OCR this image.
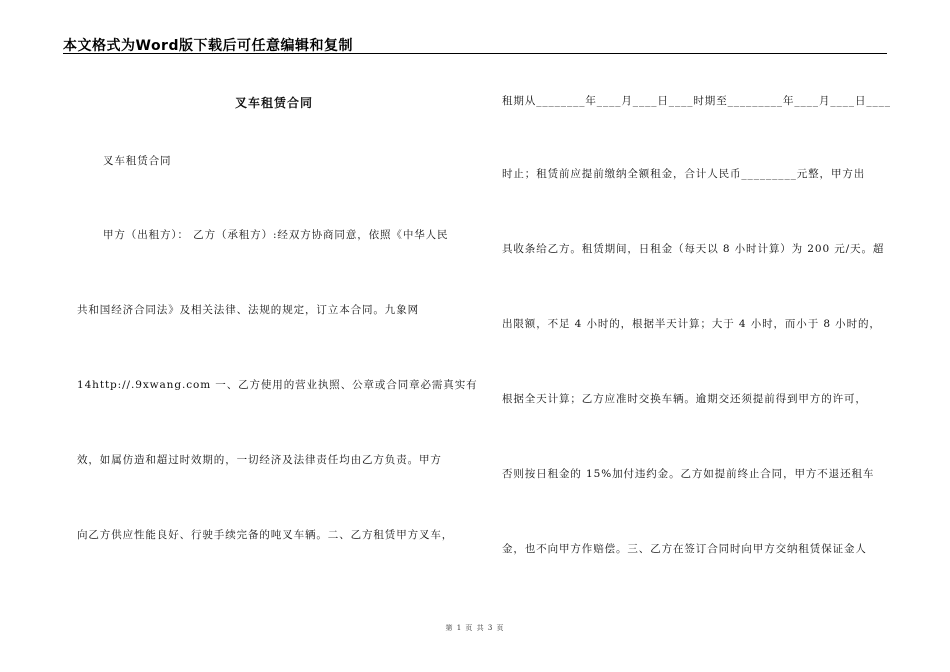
本文格式为Word版下载后可任意编辑和复制
叉车租赁合同
叉车租赁合同
甲方（出租方）： 乙方（承租方）:经双方协商同意，依照《中华人民
共和国经济合同法》及相关法律、法规的规定，订立本合同。九象网
14http://.9xwang.com 一、乙方使用的营业执照、公章或合同章必需真实有
效，如属仿造和超过时效期的，一切经济及法律责任均由乙方负责。甲方
向乙方供应性能良好、行驶手续完备的吨叉车辆。二、乙方租赁甲方叉车，
租期从________年____月____日____时期至_________年____月____日____
时止；租赁前应提前缴纳全额租金，合计人民币_________元整，甲方出
具收条给乙方。租赁期间，日租金（每天以 8 小时计算）为 200 元/天。超
出限额，不足 4 小时的，根据半天计算；大于 4 小时，而小于 8 小时的，
根据全天计算；乙方应准时交换车辆。逾期交还须提前得到甲方的许可，
否则按日租金的 15%加付违约金。乙方如提前终止合同，甲方不退还租车
金，也不向甲方作赔偿。三、乙方在签订合同时向甲方交纳租赁保证金人
第 1 页 共 3 页
